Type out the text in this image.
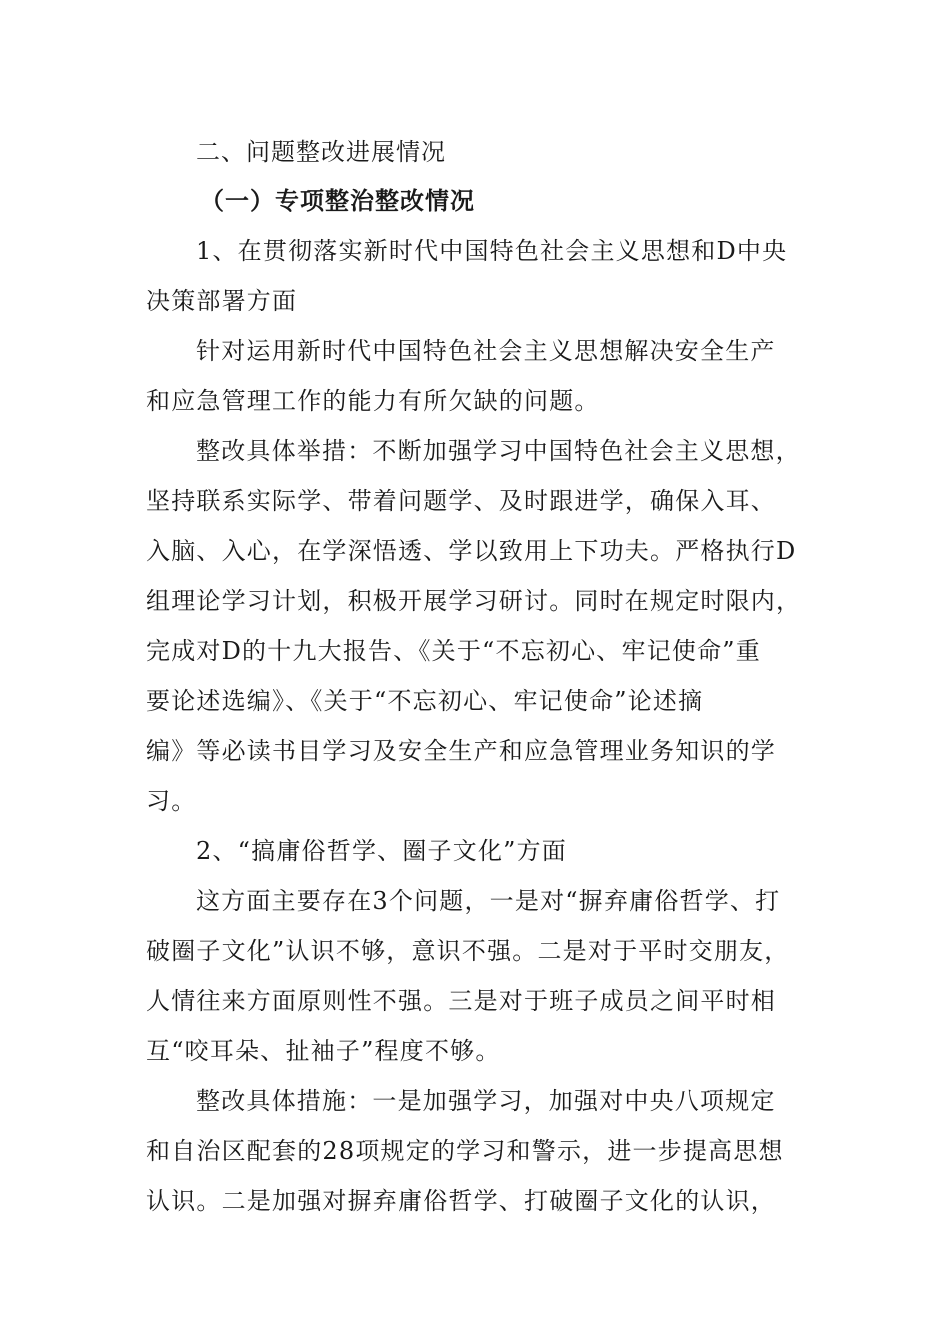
二、问题整改进展情况
（一）专项整治整改情况
1、在贯彻落实新时代中国特色社会主义思想和D中央
决策部署方面
针对运用新时代中国特色社会主义思想解决安全生产
和应急管理工作的能力有所欠缺的问题。
整改具体举措：不断加强学习中国特色社会主义思想，
坚持联系实际学、带着问题学、及时跟进学，确保入耳、
入脑、入心，在学深悟透、学以致用上下功夫。严格执行D
组理论学习计划，积极开展学习研讨。同时在规定时限内，
完成对D的十九大报告、《关于“不忘初心、牢记使命”重
要论述选编》、《关于“不忘初心、牢记使命”论述摘
编》等必读书目学习及安全生产和应急管理业务知识的学
习。
2、“搞庸俗哲学、圈子文化”方面
这方面主要存在3个问题，一是对“摒弃庸俗哲学、打
破圈子文化”认识不够，意识不强。二是对于平时交朋友，
人情往来方面原则性不强。三是对于班子成员之间平时相
互“咬耳朵、扯袖子”程度不够。
整改具体措施：一是加强学习，加强对中央八项规定
和自治区配套的28项规定的学习和警示，进一步提高思想
认识。二是加强对摒弃庸俗哲学、打破圈子文化的认识，
